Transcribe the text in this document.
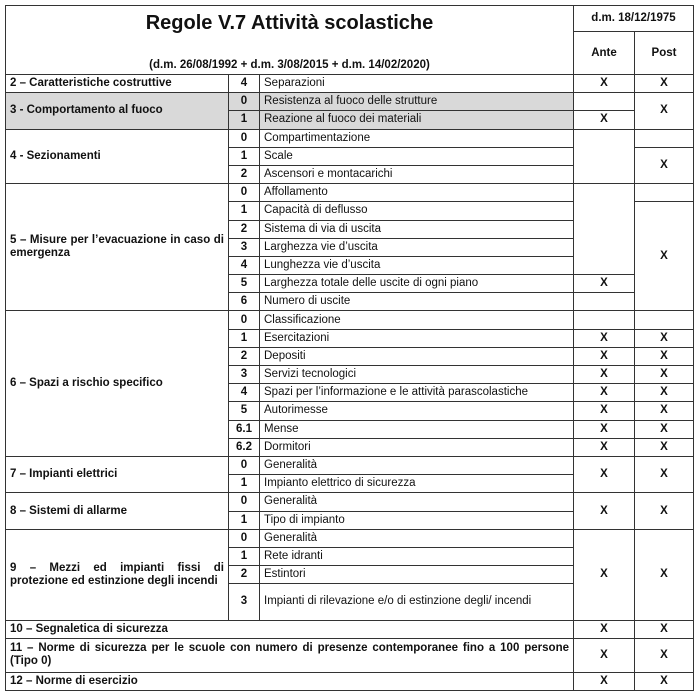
Regole V.7 Attività scolastiche
(d.m. 26/08/1992 + d.m. 3/08/2015 + d.m. 14/02/2020)			d.m. 18/12/1975	
			Ante	Post
2 – Caratteristiche costruttive	4	Separazioni	X	X
3 - Comportamento al fuoco	0	Resistenza al fuoco delle strutture		X
	1	Reazione al fuoco dei materiali	X	
4 - Sezionamenti	0	Compartimentazione		
	1	Scale		X
	2	Ascensori e montacarichi		
5 – Misure per l’evacuazione in caso di emergenza	0	Affollamento		
	1	Capacità di deflusso		X
	2	Sistema di via di uscita		
	3	Larghezza vie d’uscita		
	4	Lunghezza vie d’uscita		
	5	Larghezza totale delle uscite di ogni piano	X	
	6	Numero di uscite		
6 – Spazi a rischio specifico	0	Classificazione		
	1	Esercitazioni	X	X
	2	Depositi	X	X
	3	Servizi tecnologici	X	X
	4	Spazi per l’informazione e le attività parascolastiche	X	X
	5	Autorimesse	X	X
	6.1	Mense	X	X
	6.2	Dormitori	X	X
7 – Impianti elettrici	0	Generalità	X	X
	1	Impianto elettrico di sicurezza		
8 – Sistemi di allarme	0	Generalità	X	X
	1	Tipo di impianto		
9 – Mezzi ed impianti fissi di protezione ed estinzione degli incendi	0	Generalità	X	X
	1	Rete idranti		
	2	Estintori		
	3	Impianti di rilevazione e/o di estinzione degli/ incendi		
10 – Segnaletica di sicurezza			X	X
11 – Norme di sicurezza per le scuole con numero di presenze contemporanee fino a 100 persone (Tipo 0)			X	X
12 – Norme di esercizio			X	X
